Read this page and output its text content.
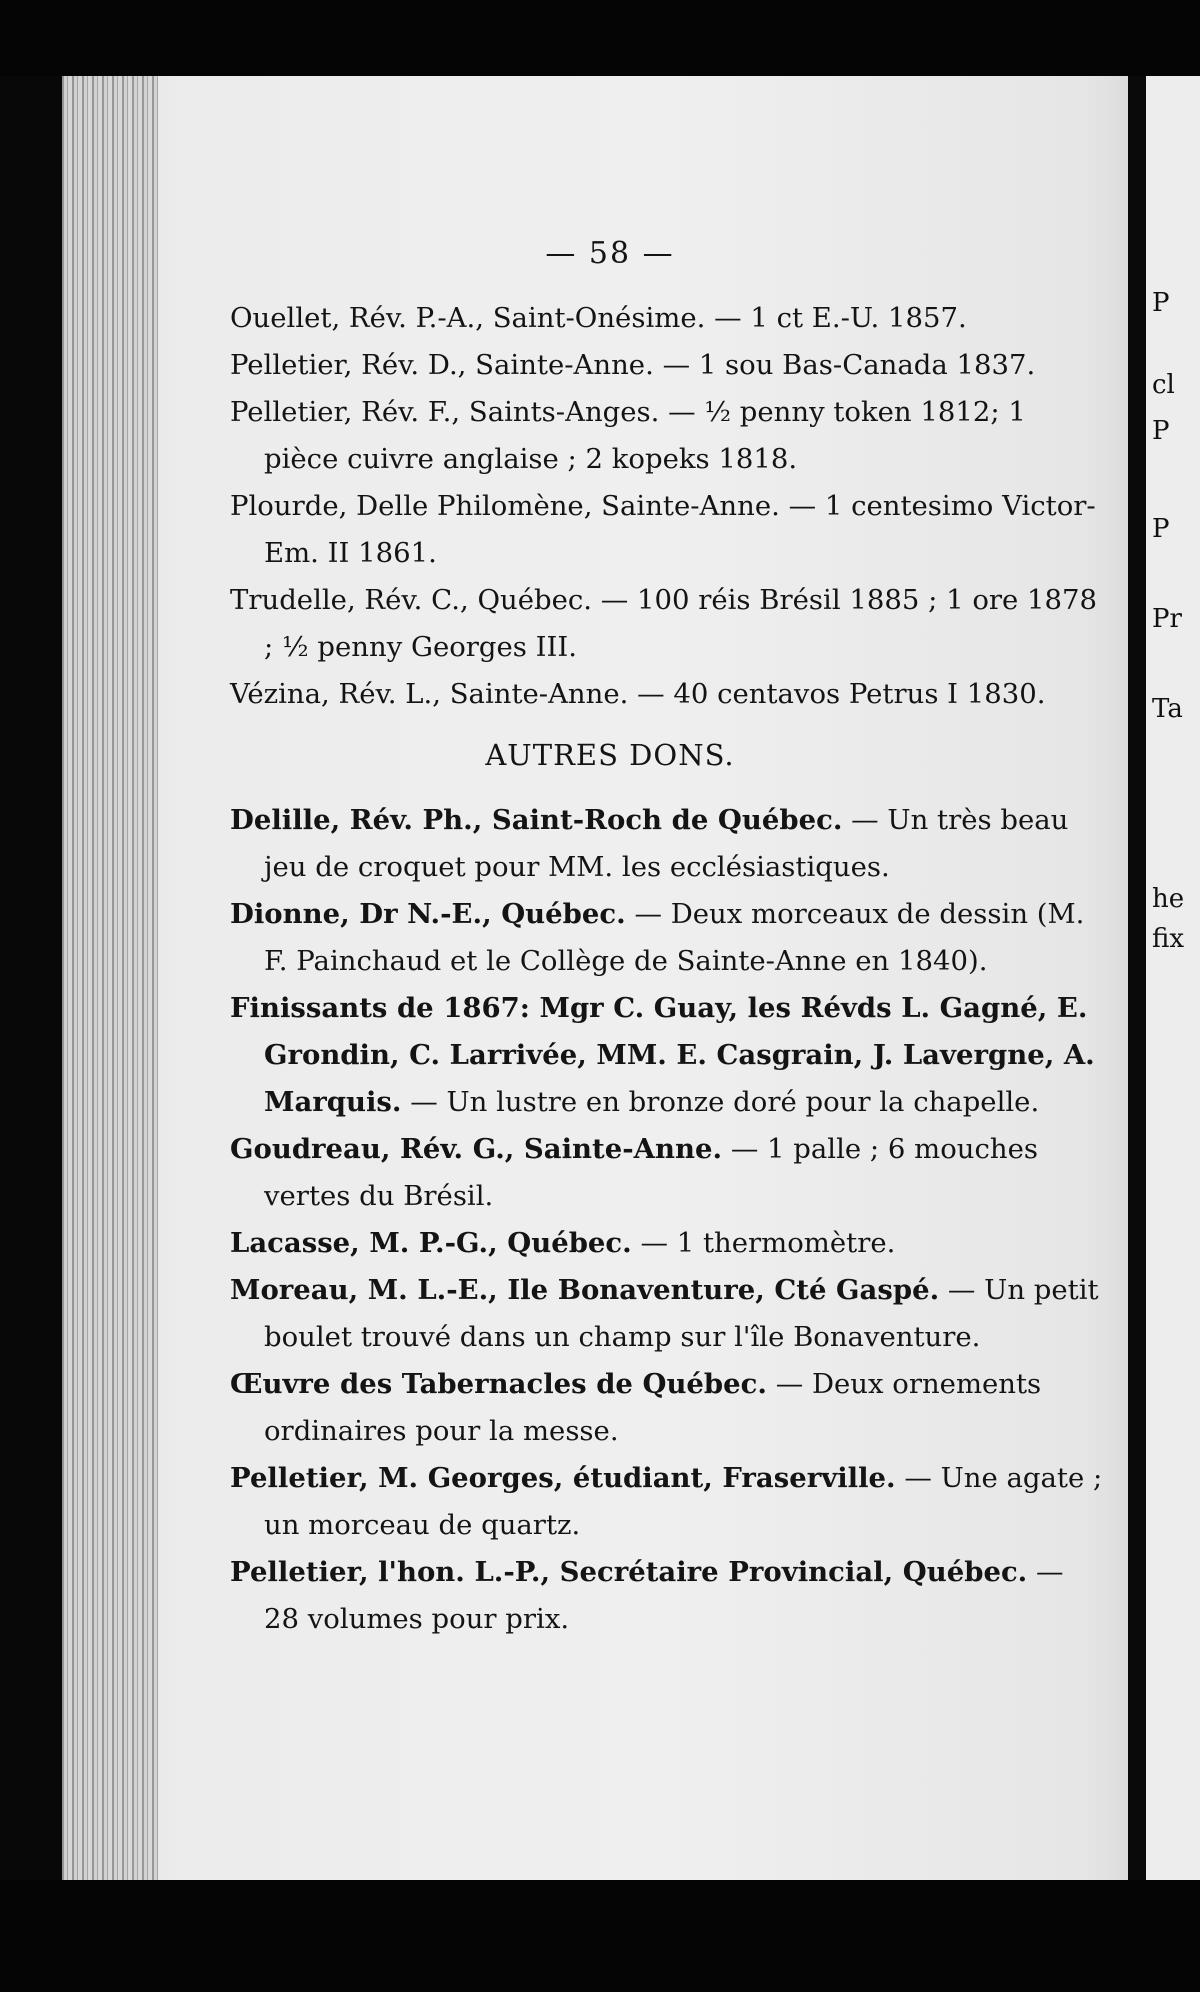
P
cl
P
P
Pr
Ta
he
fix
— 58 —
Ouellet, Rév. P.-A., Saint-Onésime. — 1 ct E.-U. 1857.
Pelletier, Rév. D., Sainte-Anne. — 1 sou Bas-Canada 1837.
Pelletier, Rév. F., Saints-Anges. — ½ penny token 1812; 1 pièce cuivre anglaise ; 2 kopeks 1818.
Plourde, Delle Philomène, Sainte-Anne. — 1 centesimo Victor-Em. II 1861.
Trudelle, Rév. C., Québec. — 100 réis Brésil 1885 ; 1 ore 1878 ; ½ penny Georges III.
Vézina, Rév. L., Sainte-Anne. — 40 centavos Petrus I 1830.
AUTRES DONS.
Delille, Rév. Ph., Saint-Roch de Québec. — Un très beau jeu de croquet pour MM. les ecclésiastiques.
Dionne, Dr N.-E., Québec. — Deux morceaux de dessin (M. F. Painchaud et le Collège de Sainte-Anne en 1840).
Finissants de 1867: Mgr C. Guay, les Révds L. Gagné, E. Grondin, C. Larrivée, MM. E. Casgrain, J. Lavergne, A. Marquis. — Un lustre en bronze doré pour la chapelle.
Goudreau, Rév. G., Sainte-Anne. — 1 palle ; 6 mouches vertes du Brésil.
Lacasse, M. P.-G., Québec. — 1 thermomètre.
Moreau, M. L.-E., Ile Bonaventure, Cté Gaspé. — Un petit boulet trouvé dans un champ sur l'île Bonaventure.
Œuvre des Tabernacles de Québec. — Deux ornements ordinaires pour la messe.
Pelletier, M. Georges, étudiant, Fraserville. — Une agate ; un morceau de quartz.
Pelletier, l'hon. L.-P., Secrétaire Provincial, Québec. — 28 volumes pour prix.
